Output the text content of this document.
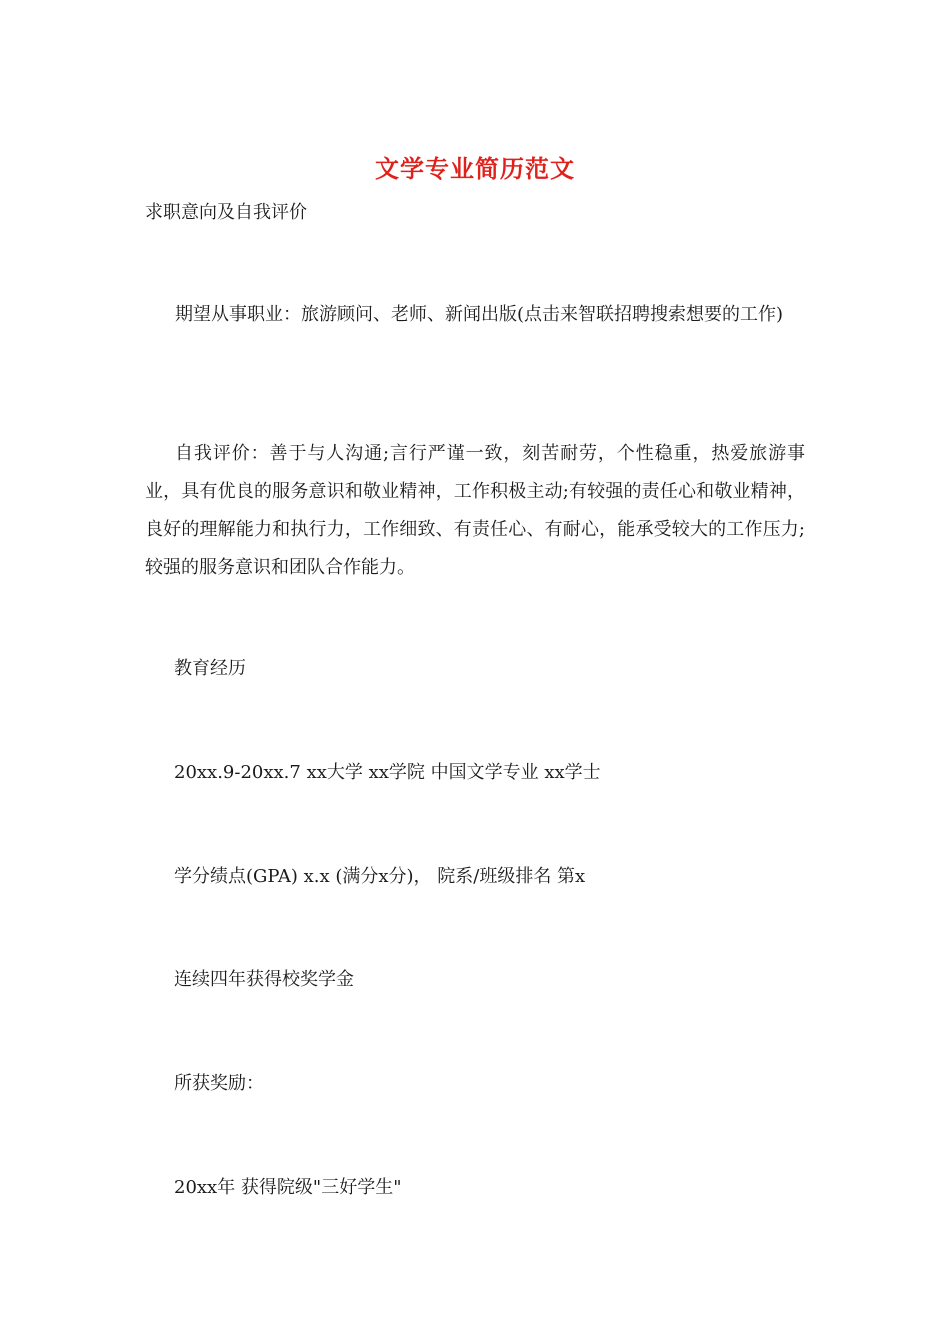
文学专业简历范文
求职意向及自我评价
期望从事职业：旅游顾问、老师、新闻出版(点击来智联招聘搜索想要的工作)
自我评价：善于与人沟通;言行严谨一致，刻苦耐劳，个性稳重，热爱旅游事业，具有优良的服务意识和敬业精神，工作积极主动;有较强的责任心和敬业精神，良好的理解能力和执行力，工作细致、有责任心、有耐心，能承受较大的工作压力;较强的服务意识和团队合作能力。
教育经历
20xx.9-20xx.7 xx大学 xx学院 中国文学专业 xx学士
学分绩点(GPA) x.x (满分x分)， 院系/班级排名 第x
连续四年获得校奖学金
所获奖励：
20xx年 获得院级"三好学生"
